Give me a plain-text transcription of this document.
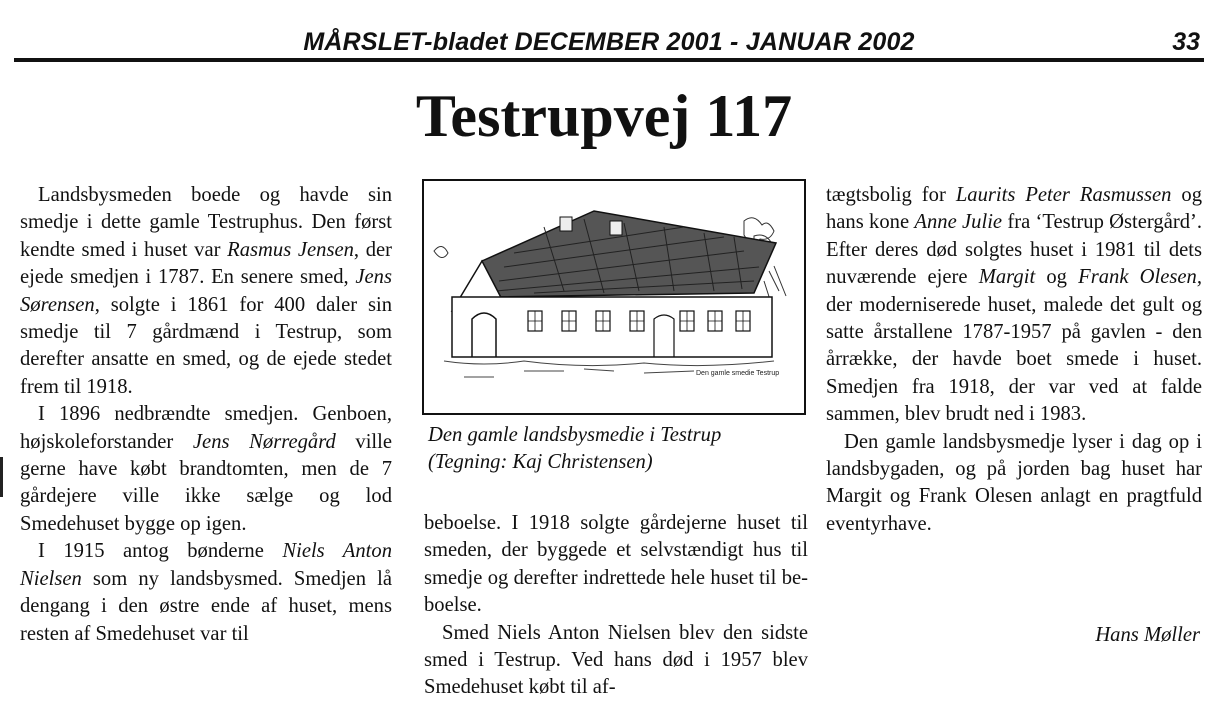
MÅRSLET-bladet DECEMBER 2001 - JANUAR 2002	33
Testrupvej 117

Landsbysmeden boede og havde sin smedje i dette gamle Testruphus. Den først kendte smed i huset var Rasmus Jensen, der ejede smedjen i 1787. En senere smed, Jens Sørensen, solgte i 1861 for 400 daler sin smedje til 7 gårdmænd i Testrup, som derefter ansatte en smed, og de ejede stedet frem til 1918.

I 1896 nedbrændte smedjen. Genboen, højskoleforstander Jens Nørregård ville gerne have købt brandtomten, men de 7 gårdejere ville ikke sælge og lod Smedehuset bygge op igen.

I 1915 antog bønderne Niels Anton Nielsen som ny landsbysmed. Smedjen lå dengang i den østre ende af huset, mens resten af Smedehuset var til

Den gamle smedie Testrup
Den gamle landsbysmedie i Testrup
(Tegning: Kaj Christensen)

beboelse. I 1918 solgte gårdejerne huset til smeden, der byggede et selvstændigt hus til smedje og derefter indrettede hele huset til be-boelse.

Smed Niels Anton Nielsen blev den sidste smed i Testrup. Ved hans død i 1957 blev Smedehuset købt til af-

tægtsbolig for Laurits Peter Rasmussen og hans kone Anne Julie fra ‘Testrup Østergård’. Efter deres død solgtes huset i 1981 til dets nuværende ejere Margit og Frank Olesen, der moderniserede huset, malede det gult og satte årstallene 1787-1957 på gavlen - den årrække, der havde boet smede i huset. Smedjen fra 1918, der var ved at falde sammen, blev brudt ned i 1983.

Den gamle landsbysmedje lyser i dag op i landsbygaden, og på jorden bag huset har Margit og Frank Olesen anlagt en pragtfuld eventyrhave.

Hans Møller
